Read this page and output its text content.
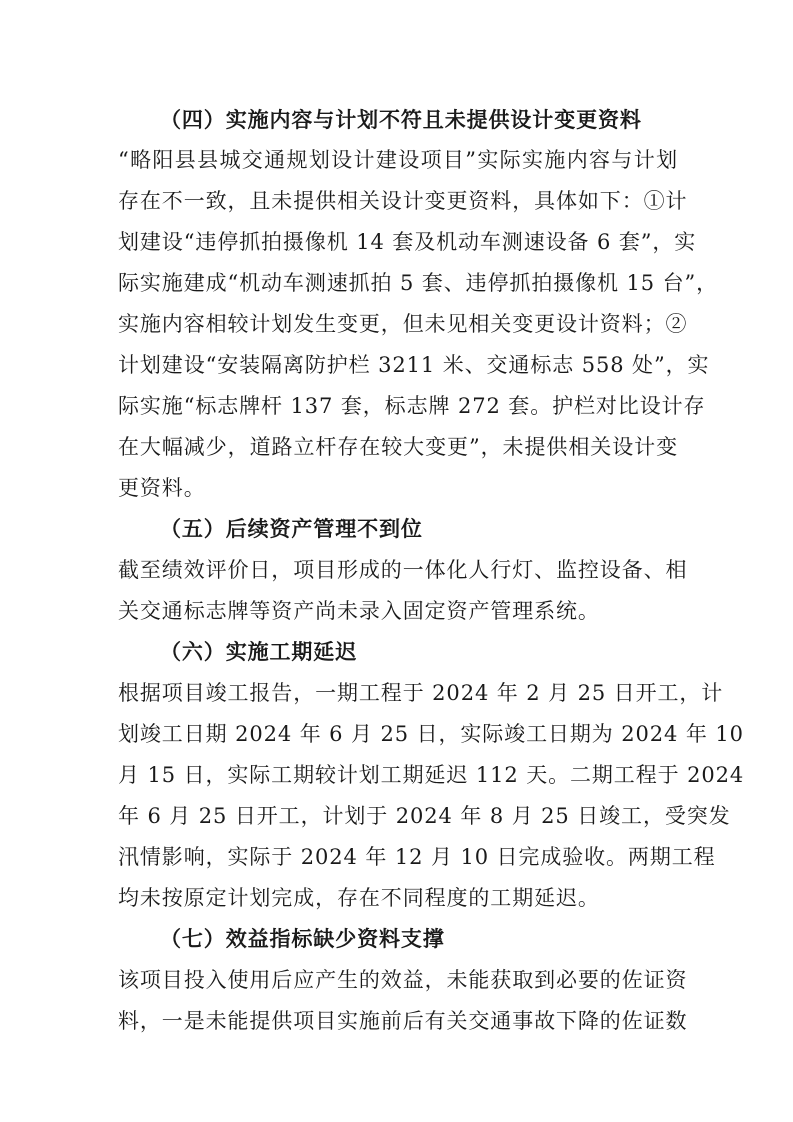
（四）实施内容与计划不符且未提供设计变更资料
“略阳县县城交通规划设计建设项目”实际实施内容与计划
存在不一致，且未提供相关设计变更资料，具体如下：①计
划建设“违停抓拍摄像机 14 套及机动车测速设备 6 套”，实
际实施建成“机动车测速抓拍 5 套、违停抓拍摄像机 15 台”，
实施内容相较计划发生变更，但未见相关变更设计资料；②
计划建设“安装隔离防护栏 3211 米、交通标志 558 处”，实
际实施“标志牌杆 137 套，标志牌 272 套。护栏对比设计存
在大幅减少，道路立杆存在较大变更”，未提供相关设计变
更资料。
（五）后续资产管理不到位
截至绩效评价日，项目形成的一体化人行灯、监控设备、相
关交通标志牌等资产尚未录入固定资产管理系统。
（六）实施工期延迟
根据项目竣工报告，一期工程于 2024 年 2 月 25 日开工，计
划竣工日期 2024 年 6 月 25 日，实际竣工日期为 2024 年 10
月 15 日，实际工期较计划工期延迟 112 天。二期工程于 2024
年 6 月 25 日开工，计划于 2024 年 8 月 25 日竣工，受突发
汛情影响，实际于 2024 年 12 月 10 日完成验收。两期工程
均未按原定计划完成，存在不同程度的工期延迟。
（七）效益指标缺少资料支撑
该项目投入使用后应产生的效益，未能获取到必要的佐证资
料，一是未能提供项目实施前后有关交通事故下降的佐证数
